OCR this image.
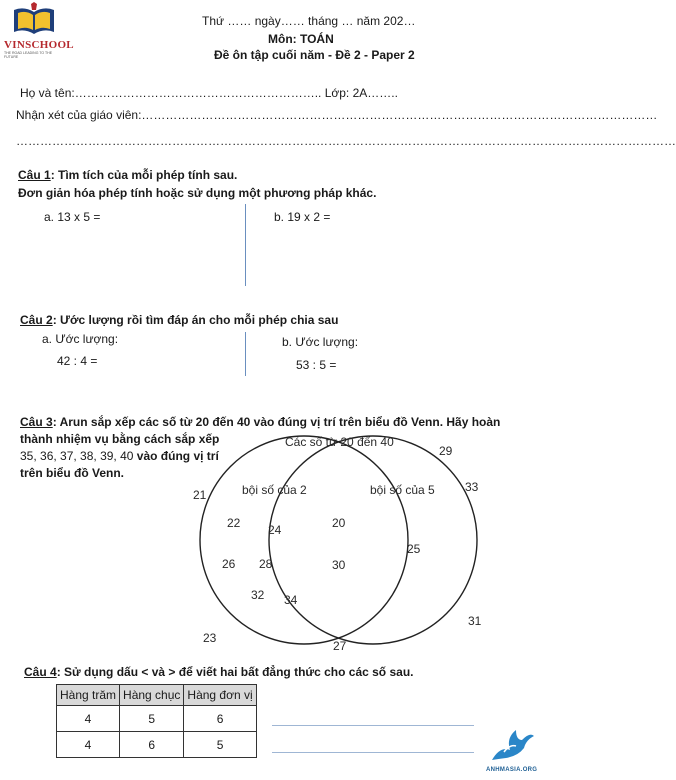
VINSCHOOL
THE ROAD LEADING TO THE FUTURE
Thứ …… ngày…… tháng … năm 202…
Môn: TOÁN
Đề ôn tập cuối năm - Đề 2 - Paper 2
Họ và tên:…………………………………………………….. Lớp: 2A……..
Nhận xét của giáo viên:…………………………………………………………………………………………………………………
…………………………………………………………………………………………………………………………………………………
Câu 1: Tìm tích của mỗi phép tính sau.
Đơn giản hóa phép tính hoặc sử dụng một phương pháp khác.
a. 13 x 5 =	b. 19 x 2 =
Câu 2: Ước lượng rồi tìm đáp án cho mỗi phép chia sau
a. Ước lượng:
42 : 4 =
b. Ước lượng:
53 : 5 =
Câu 3: Arun sắp xếp các số từ 20 đến 40 vào đúng vị trí trên biểu đồ Venn. Hãy hoàn
thành nhiệm vụ bằng cách sắp xếp
35, 36, 37, 38, 39, 40 vào đúng vị trí
trên biểu đồ Venn.
Các số từ 20 đến 40
bội số của 2	bội số của 5
21
29
33
23
27
31
22 24
26 28
32 34
20
30
25
Câu 4: Sử dụng dấu < và > để viết hai bất đẳng thức cho các số sau.
Hàng trăm	Hàng chục	Hàng đơn vị
4	5	6
4	6	5
ANHMASIA.ORG
